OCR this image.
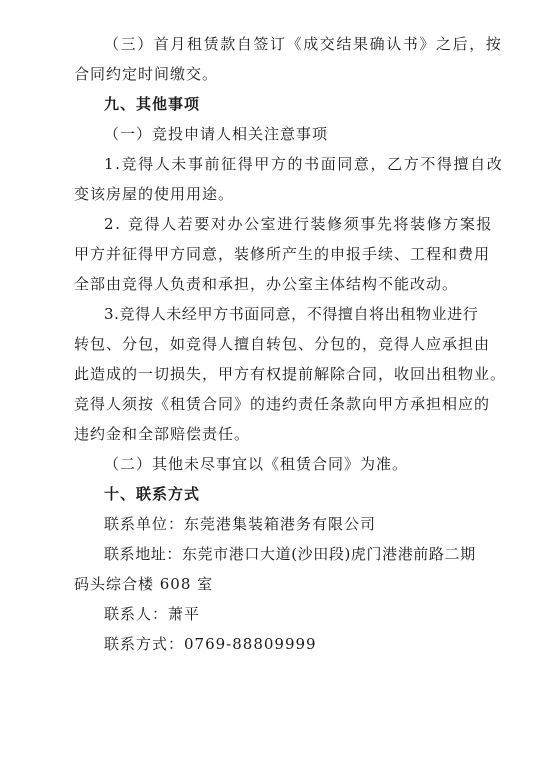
（三）首月租赁款自签订《成交结果确认书》之后，按
合同约定时间缴交。
九、其他事项
（一）竞投申请人相关注意事项
1.竞得人未事前征得甲方的书面同意，乙方不得擅自改
变该房屋的使用用途。
2. 竞得人若要对办公室进行装修须事先将装修方案报
甲方并征得甲方同意，装修所产生的申报手续、工程和费用
全部由竞得人负责和承担，办公室主体结构不能改动。
3.竞得人未经甲方书面同意，不得擅自将出租物业进行
转包、分包，如竞得人擅自转包、分包的，竞得人应承担由
此造成的一切损失，甲方有权提前解除合同，收回出租物业。
竞得人须按《租赁合同》的违约责任条款向甲方承担相应的
违约金和全部赔偿责任。
（二）其他未尽事宜以《租赁合同》为准。
十、联系方式
联系单位：东莞港集装箱港务有限公司
联系地址：东莞市港口大道(沙田段)虎门港港前路二期
码头综合楼 608 室
联系人：萧平
联系方式：0769-88809999
